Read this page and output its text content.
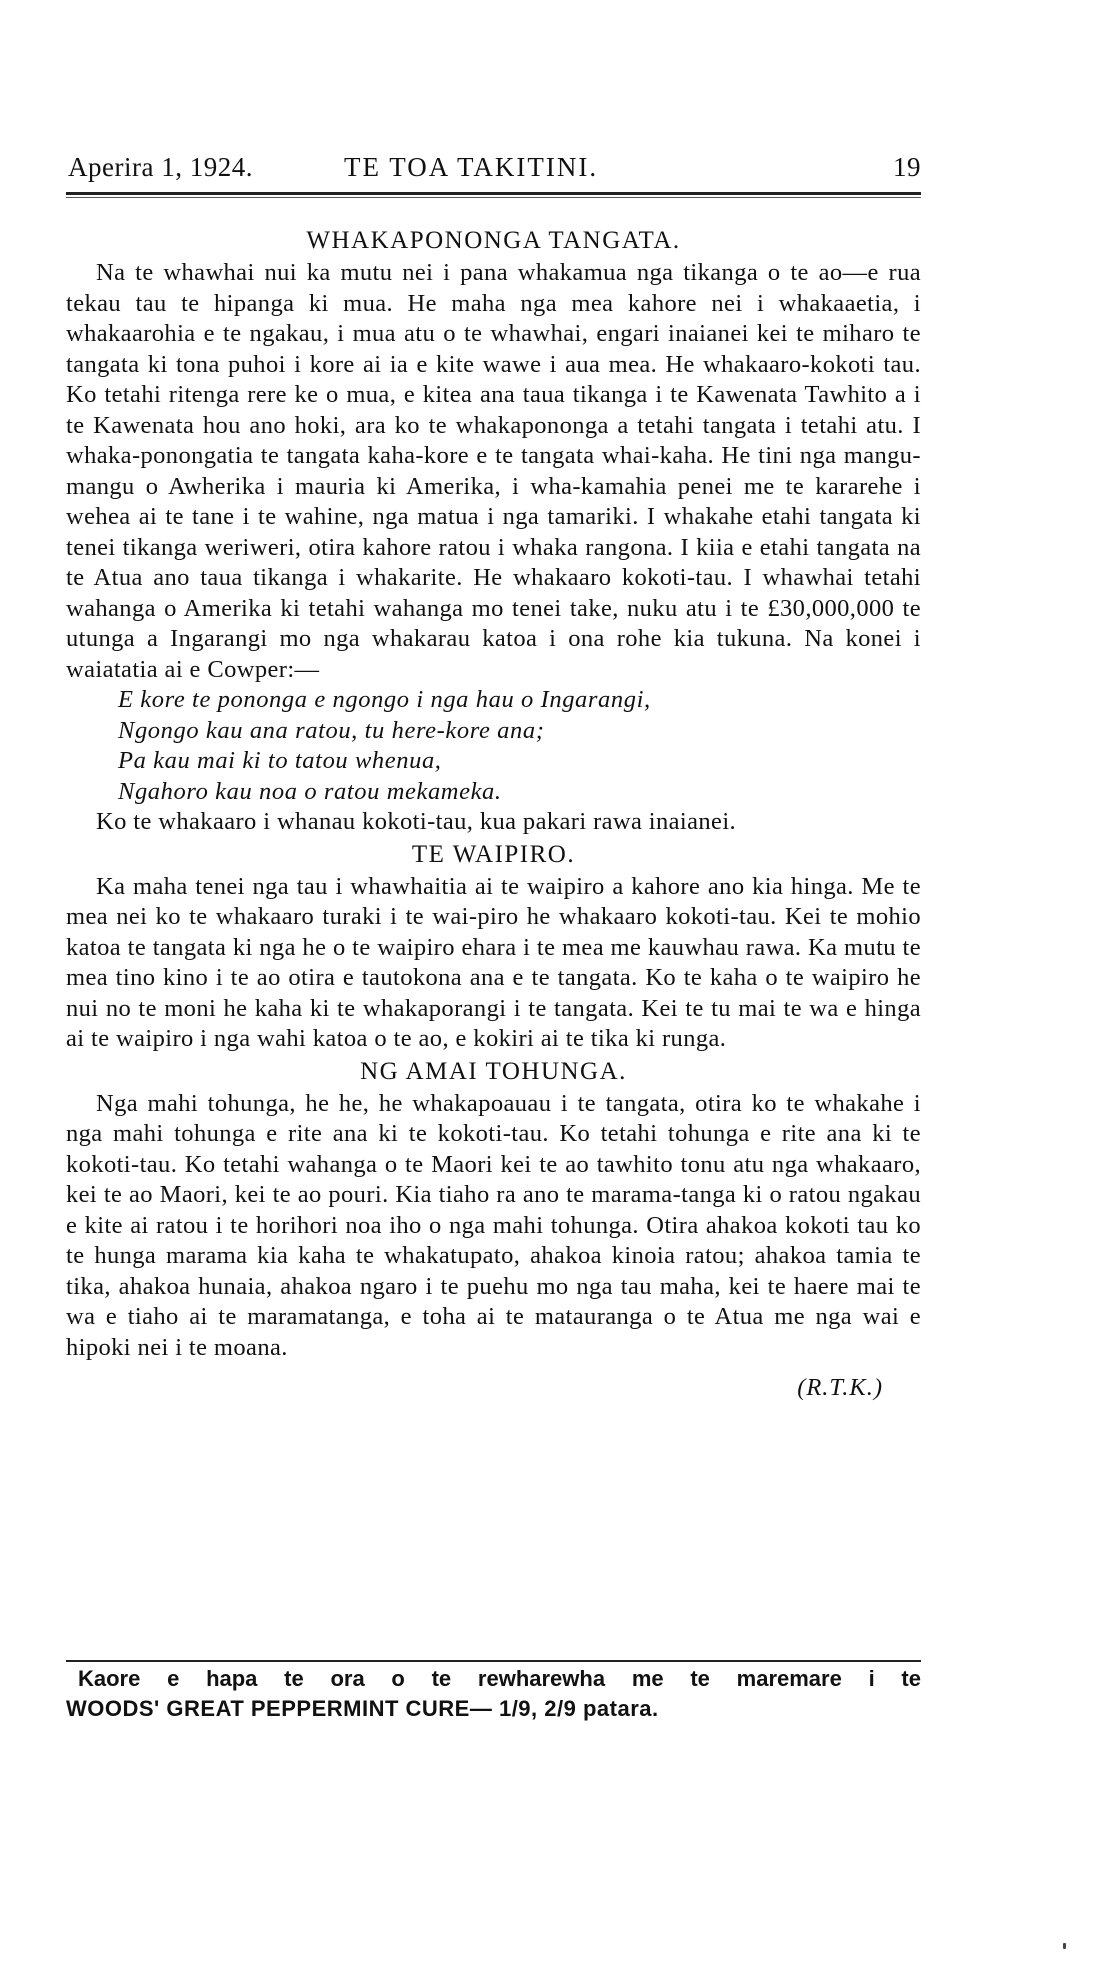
Aperira 1, 1924.	TE TOA TAKITINI.	19
WHAKAPONONGA TANGATA.

Na te whawhai nui ka mutu nei i pana whakamua nga tikanga o te ao—e rua tekau tau te hipanga ki mua. He maha nga mea kahore nei i whakaaetia, i whakaarohia e te ngakau, i mua atu o te whawhai, engari inaianei kei te miharo te tangata ki tona puhoi i kore ai ia e kite wawe i aua mea. He whakaaro-kokoti tau. Ko tetahi ritenga rere ke o mua, e kitea ana taua tikanga i te Kawenata Tawhito a i te Kawenata hou ano hoki, ara ko te whakapononga a tetahi tangata i tetahi atu. I whaka-ponongatia te tangata kaha-kore e te tangata whai-kaha. He tini nga mangu-mangu o Awherika i mauria ki Amerika, i wha-kamahia penei me te kararehe i wehea ai te tane i te wahine, nga matua i nga tamariki. I whakahe etahi tangata ki tenei tikanga weriweri, otira kahore ratou i whaka rangona. I kiia e etahi tangata na te Atua ano taua tikanga i whakarite. He whakaaro kokoti-tau. I whawhai tetahi wahanga o Amerika ki tetahi wahanga mo tenei take, nuku atu i te £30,000,000 te utunga a Ingarangi mo nga whakarau katoa i ona rohe kia tukuna. Na konei i waiatatia ai e Cowper:—

E kore te pononga e ngongo i nga hau o Ingarangi,
Ngongo kau ana ratou, tu here-kore ana;
Pa kau mai ki to tatou whenua,
Ngahoro kau noa o ratou mekameka.

Ko te whakaaro i whanau kokoti-tau, kua pakari rawa inaianei.

TE WAIPIRO.

Ka maha tenei nga tau i whawhaitia ai te waipiro a kahore ano kia hinga. Me te mea nei ko te whakaaro turaki i te wai-piro he whakaaro kokoti-tau. Kei te mohio katoa te tangata ki nga he o te waipiro ehara i te mea me kauwhau rawa. Ka mutu te mea tino kino i te ao otira e tautokona ana e te tangata. Ko te kaha o te waipiro he nui no te moni he kaha ki te whakaporangi i te tangata. Kei te tu mai te wa e hinga ai te waipiro i nga wahi katoa o te ao, e kokiri ai te tika ki runga.

NG AMAI TOHUNGA.

Nga mahi tohunga, he he, he whakapoauau i te tangata, otira ko te whakahe i nga mahi tohunga e rite ana ki te kokoti-tau. Ko tetahi tohunga e rite ana ki te kokoti-tau. Ko tetahi wahanga o te Maori kei te ao tawhito tonu atu nga whakaaro, kei te ao Maori, kei te ao pouri. Kia tiaho ra ano te marama-tanga ki o ratou ngakau e kite ai ratou i te horihori noa iho o nga mahi tohunga. Otira ahakoa kokoti tau ko te hunga marama kia kaha te whakatupato, ahakoa kinoia ratou; ahakoa tamia te tika, ahakoa hunaia, ahakoa ngaro i te puehu mo nga tau maha, kei te haere mai te wa e tiaho ai te maramatanga, e toha ai te matauranga o te Atua me nga wai e hipoki nei i te moana.

(R.T.K.)
Kaore e hapa te ora o te rewharewha me te maremare i te
WOODS' GREAT PEPPERMINT CURE— 1/9, 2/9 patara.
